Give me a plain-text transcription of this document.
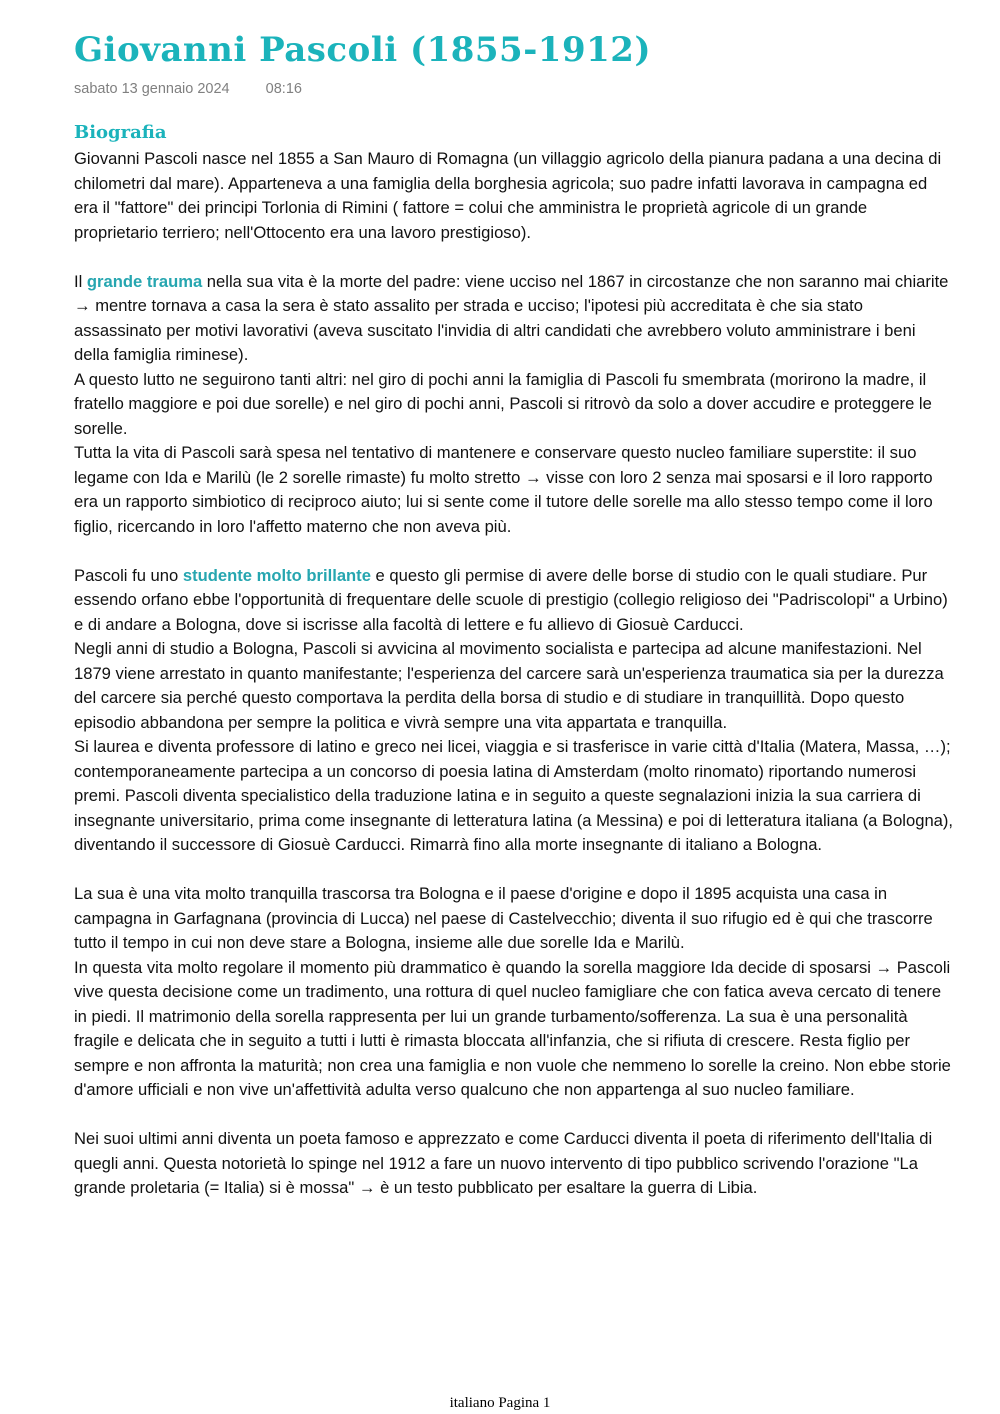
Giovanni Pascoli (1855-1912)
sabato 13 gennaio 2024 08:16
Biografia

Giovanni Pascoli nasce nel 1855 a San Mauro di Romagna (un villaggio agricolo della pianura padana a una decina di chilometri dal mare). Apparteneva a una famiglia della borghesia agricola; suo padre infatti lavorava in campagna ed era il "fattore" dei principi Torlonia di Rimini ( fattore = colui che amministra le proprietà agricole di un grande proprietario terriero; nell'Ottocento era una lavoro prestigioso).

Il grande trauma nella sua vita è la morte del padre: viene ucciso nel 1867 in circostanze che non saranno mai chiarite → mentre tornava a casa la sera è stato assalito per strada e ucciso; l'ipotesi più accreditata è che sia stato assassinato per motivi lavorativi (aveva suscitato l'invidia di altri candidati che avrebbero voluto amministrare i beni della famiglia riminese).

A questo lutto ne seguirono tanti altri: nel giro di pochi anni la famiglia di Pascoli fu smembrata (morirono la madre, il fratello maggiore e poi due sorelle) e nel giro di pochi anni, Pascoli si ritrovò da solo a dover accudire e proteggere le sorelle.

Tutta la vita di Pascoli sarà spesa nel tentativo di mantenere e conservare questo nucleo familiare superstite: il suo legame con Ida e Marilù (le 2 sorelle rimaste) fu molto stretto → visse con loro 2 senza mai sposarsi e il loro rapporto era un rapporto simbiotico di reciproco aiuto; lui si sente come il tutore delle sorelle ma allo stesso tempo come il loro figlio, ricercando in loro l'affetto materno che non aveva più.

Pascoli fu uno studente molto brillante e questo gli permise di avere delle borse di studio con le quali studiare. Pur essendo orfano ebbe l'opportunità di frequentare delle scuole di prestigio (collegio religioso dei "Padriscolopi" a Urbino) e di andare a Bologna, dove si iscrisse alla facoltà di lettere e fu allievo di Giosuè Carducci.

Negli anni di studio a Bologna, Pascoli si avvicina al movimento socialista e partecipa ad alcune manifestazioni. Nel 1879 viene arrestato in quanto manifestante; l'esperienza del carcere sarà un'esperienza traumatica sia per la durezza del carcere sia perché questo comportava la perdita della borsa di studio e di studiare in tranquillità. Dopo questo episodio abbandona per sempre la politica e vivrà sempre una vita appartata e tranquilla.

Si laurea e diventa professore di latino e greco nei licei, viaggia e si trasferisce in varie città d'Italia (Matera, Massa, …); contemporaneamente partecipa a un concorso di poesia latina di Amsterdam (molto rinomato) riportando numerosi premi. Pascoli diventa specialistico della traduzione latina e in seguito a queste segnalazioni inizia la sua carriera di insegnante universitario, prima come insegnante di letteratura latina (a Messina) e poi di letteratura italiana (a Bologna), diventando il successore di Giosuè Carducci. Rimarrà fino alla morte insegnante di italiano a Bologna.

La sua è una vita molto tranquilla trascorsa tra Bologna e il paese d'origine e dopo il 1895 acquista una casa in campagna in Garfagnana (provincia di Lucca) nel paese di Castelvecchio; diventa il suo rifugio ed è qui che trascorre tutto il tempo in cui non deve stare a Bologna, insieme alle due sorelle Ida e Marilù.

In questa vita molto regolare il momento più drammatico è quando la sorella maggiore Ida decide di sposarsi → Pascoli vive questa decisione come un tradimento, una rottura di quel nucleo famigliare che con fatica aveva cercato di tenere in piedi. Il matrimonio della sorella rappresenta per lui un grande turbamento/sofferenza. La sua è una personalità fragile e delicata che in seguito a tutti i lutti è rimasta bloccata all'infanzia, che si rifiuta di crescere. Resta figlio per sempre e non affronta la maturità; non crea una famiglia e non vuole che nemmeno lo sorelle la creino. Non ebbe storie d'amore ufficiali e non vive un'affettività adulta verso qualcuno che non appartenga al suo nucleo familiare.

Nei suoi ultimi anni diventa un poeta famoso e apprezzato e come Carducci diventa il poeta di riferimento dell'Italia di quegli anni. Questa notorietà lo spinge nel 1912 a fare un nuovo intervento di tipo pubblico scrivendo l'orazione "La grande proletaria (= Italia) si è mossa" → è un testo pubblicato per esaltare la guerra di Libia.

italiano Pagina 1
